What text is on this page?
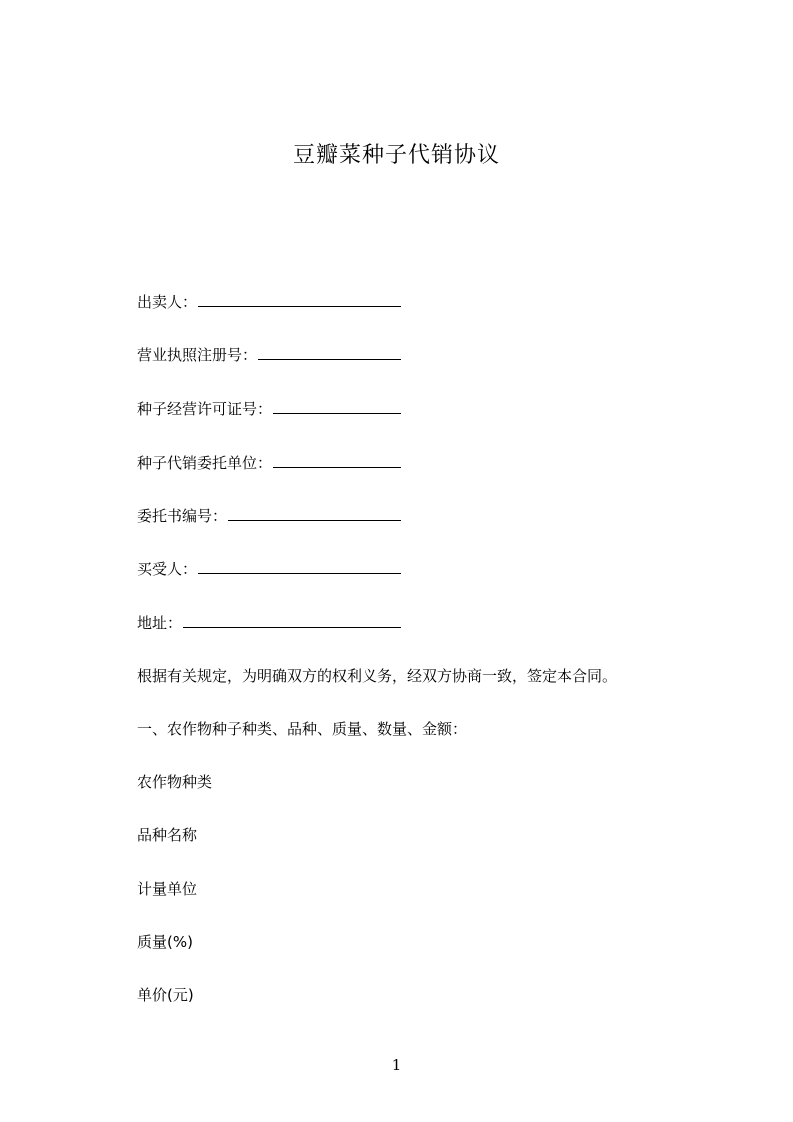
豆瓣菜种子代销协议
出卖人：
营业执照注册号：
种子经营许可证号：
种子代销委托单位：
委托书编号：
买受人：
地址：
根据有关规定，为明确双方的权利义务，经双方协商一致，签定本合同。
一、农作物种子种类、品种、质量、数量、金额：
农作物种类
品种名称
计量单位
质量(%)
单价(元)
1
